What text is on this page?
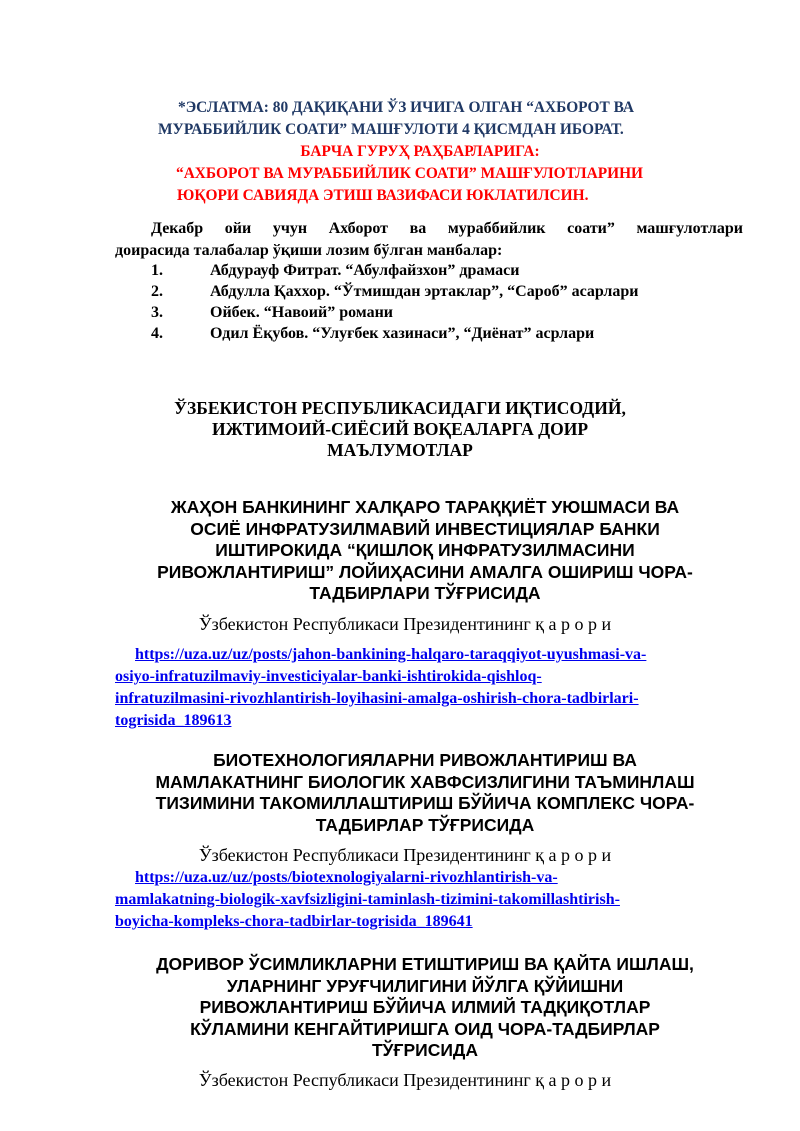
*ЭСЛАТМА: 80 ДАҚИҚАНИ ЎЗ ИЧИГА ОЛГАН “АХБОРОТ ВА
МУРАББИЙЛИК СОАТИ” МАШҒУЛОТИ 4 ҚИСМДАН ИБОРАТ.
БАРЧА ГУРУҲ РАҲБАРЛАРИГА:
“АХБОРОТ ВА МУРАББИЙЛИК СОАТИ” МАШҒУЛОТЛАРИНИ
ЮҚОРИ САВИЯДА ЭТИШ ВАЗИФАСИ ЮКЛАТИЛСИН.
Декабр ойи учун Ахборот ва мураббийлик соати” машғулотлари
доирасида талабалар ўқиши лозим бўлган манбалар:
1.	Абдурауф Фитрат. “Абулфайзхон” драмаси
2.	Абдулла Қаххор. “Ўтмишдан эртаклар”, “Сароб” асарлари
3.	Ойбек. “Навоий” романи
4.	Одил Ёқубов. “Улуғбек хазинаси”, “Диёнат” асрлари
ЎЗБЕКИСТОН РЕСПУБЛИКАСИДАГИ ИҚТИСОДИЙ,
ИЖТИМОИЙ-СИЁСИЙ ВОҚЕАЛАРГА ДОИР
МАЪЛУМОТЛАР
ЖАҲОН БАНКИНИНГ ХАЛҚАРО ТАРАҚҚИЁТ УЮШМАСИ ВА
ОСИЁ ИНФРАТУЗИЛМАВИЙ ИНВЕСТИЦИЯЛАР БАНКИ
ИШТИРОКИДА “ҚИШЛОҚ ИНФРАТУЗИЛМАСИНИ
РИВОЖЛАНТИРИШ” ЛОЙИҲАСИНИ АМАЛГА ОШИРИШ ЧОРА-
ТАДБИРЛАРИ ТЎҒРИСИДА
Ўзбекистон Республикаси Президентининг қ а р о р и
https://uza.uz/uz/posts/jahon-bankining-halqaro-taraqqiyot-uyushmasi-va-
osiyo-infratuzilmaviy-investiciyalar-banki-ishtirokida-qishloq-
infratuzilmasini-rivozhlantirish-loyihasini-amalga-oshirish-chora-tadbirlari-
togrisida_189613
БИОТЕХНОЛОГИЯЛАРНИ РИВОЖЛАНТИРИШ ВА
МАМЛАКАТНИНГ БИОЛОГИК ХАВФСИЗЛИГИНИ ТАЪМИНЛАШ
ТИЗИМИНИ ТАКОМИЛЛАШТИРИШ БЎЙИЧА КОМПЛЕКС ЧОРА-
ТАДБИРЛАР ТЎҒРИСИДА
Ўзбекистон Республикаси Президентининг қ а р о р и
https://uza.uz/uz/posts/biotexnologiyalarni-rivozhlantirish-va-
mamlakatning-biologik-xavfsizligini-taminlash-tizimini-takomillashtirish-
boyicha-kompleks-chora-tadbirlar-togrisida_189641
ДОРИВОР ЎСИМЛИКЛАРНИ ЕТИШТИРИШ ВА ҚАЙТА ИШЛАШ,
УЛАРНИНГ УРУҒЧИЛИГИНИ ЙЎЛГА ҚЎЙИШНИ
РИВОЖЛАНТИРИШ БЎЙИЧА ИЛМИЙ ТАДҚИҚОТЛАР
КЎЛАМИНИ КЕНГАЙТИРИШГА ОИД ЧОРА-ТАДБИРЛАР
ТЎҒРИСИДА
Ўзбекистон Республикаси Президентининг қ а р о р и
